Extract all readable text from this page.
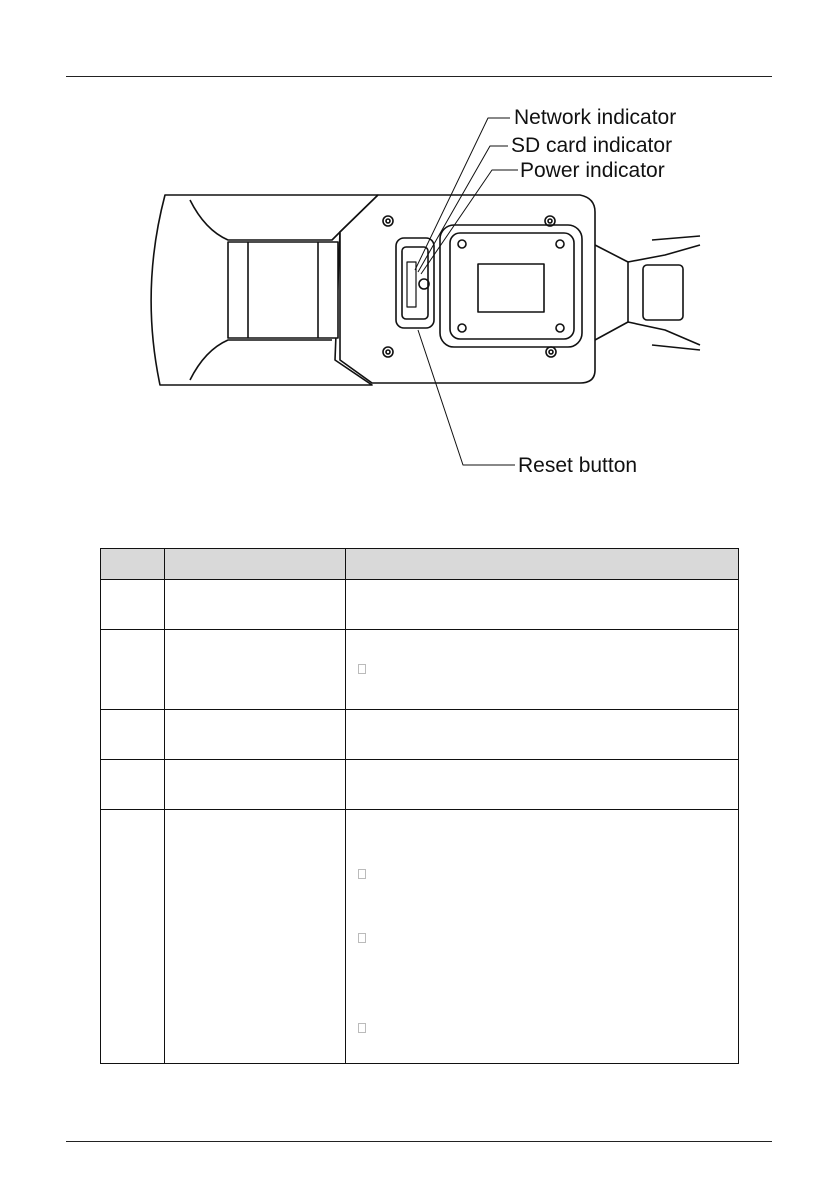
Network indicator
SD card indicator
Power indicator
Reset button
